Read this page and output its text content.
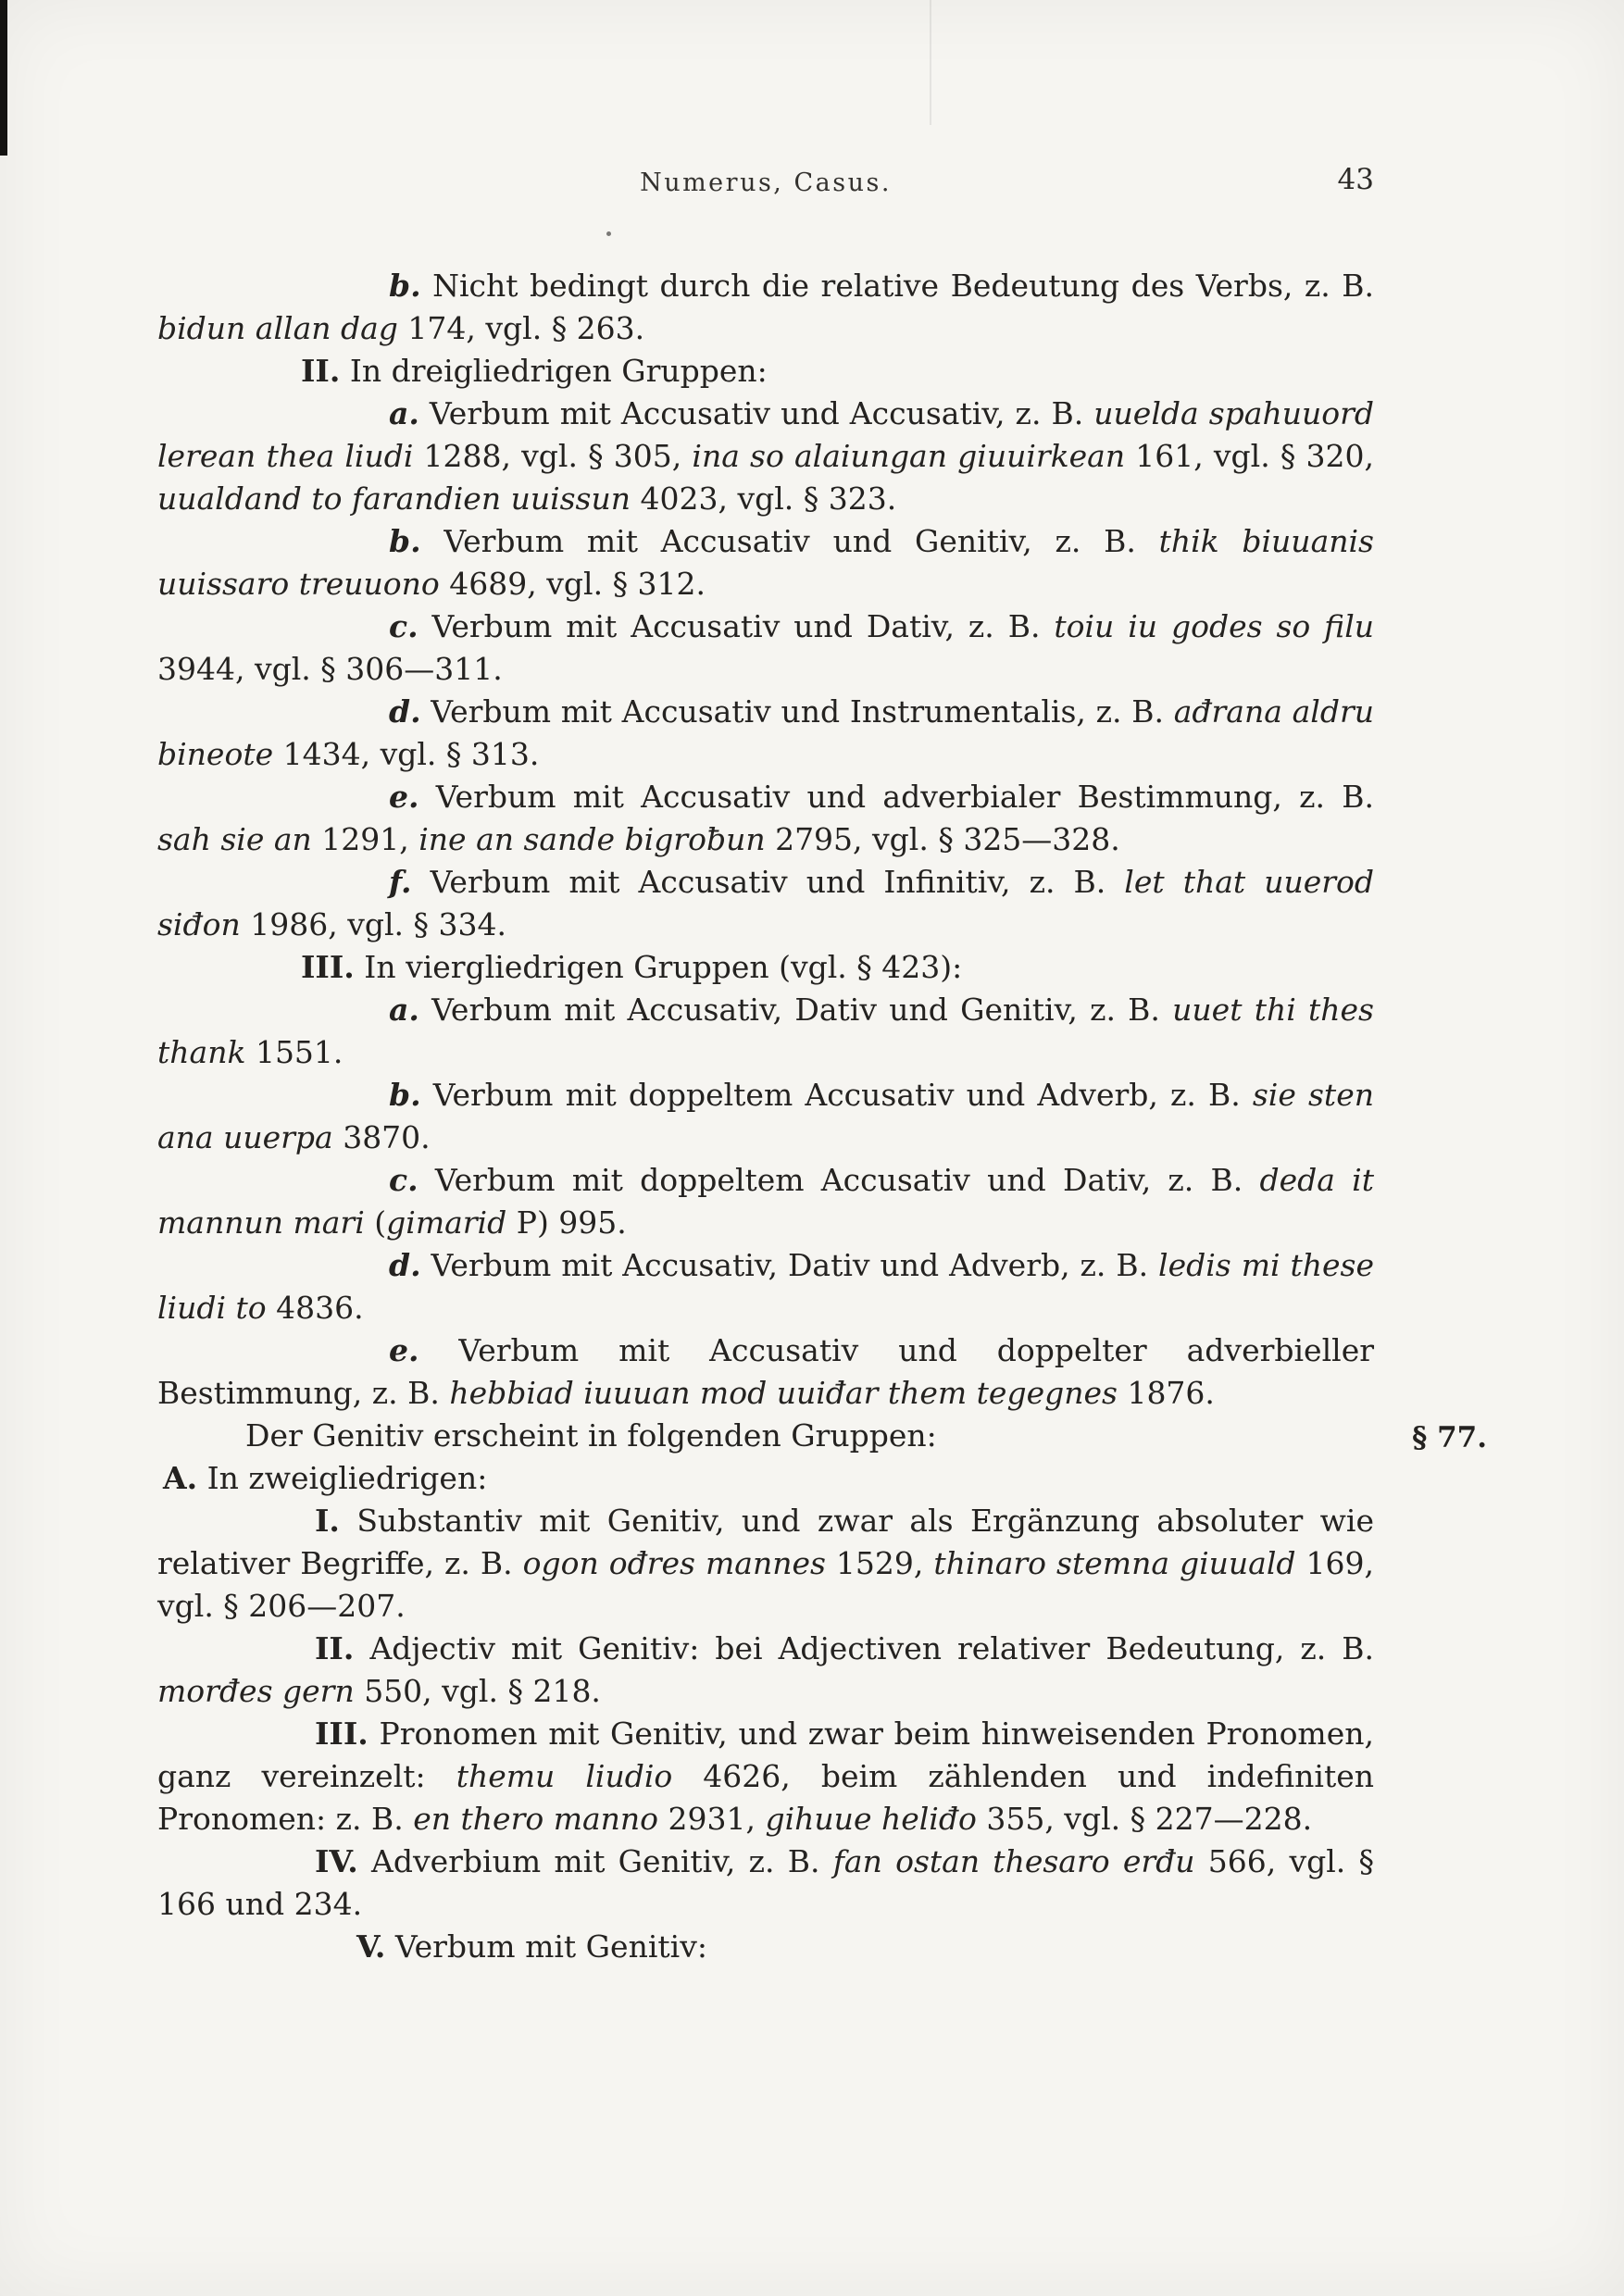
Numerus, Casus.	43

b. Nicht bedingt durch die relative Bedeutung des Verbs, z. B. bidun allan dag 174, vgl. § 263.

II. In dreigliedrigen Gruppen:

a. Verbum mit Accusativ und Accusativ, z. B. uuelda spahuuord lerean thea liudi 1288, vgl. § 305, ina so alaiungan giuuirkean 161, vgl. § 320, uualdand to farandien uuissun 4023, vgl. § 323.

b. Verbum mit Accusativ und Genitiv, z. B. thik biuuanis uuissaro treuuono 4689, vgl. § 312.

c. Verbum mit Accusativ und Dativ, z. B. toiu iu godes so filu 3944, vgl. § 306—311.

d. Verbum mit Accusativ und Instrumentalis, z. B. ađrana aldru bineote 1434, vgl. § 313.

e. Verbum mit Accusativ und adverbialer Bestimmung, z. B. sah sie an 1291, ine an sande bigroƀun 2795, vgl. § 325—328.

f. Verbum mit Accusativ und Infinitiv, z. B. let that uuerod siđon 1986, vgl. § 334.

III. In viergliedrigen Gruppen (vgl. § 423):

a. Verbum mit Accusativ, Dativ und Genitiv, z. B. uuet thi thes thank 1551.

b. Verbum mit doppeltem Accusativ und Adverb, z. B. sie sten ana uuerpa 3870.

c. Verbum mit doppeltem Accusativ und Dativ, z. B. deda it mannun mari (gimarid P) 995.

d. Verbum mit Accusativ, Dativ und Adverb, z. B. ledis mi these liudi to 4836.

e. Verbum mit Accusativ und doppelter adverbieller Bestimmung, z. B. hebbiad iuuuan mod uuiđar them tegegnes 1876.

Der Genitiv erscheint in folgenden Gruppen:	§ 77.

A. In zweigliedrigen:

I. Substantiv mit Genitiv, und zwar als Ergänzung absoluter wie relativer Begriffe, z. B. ogon ođres mannes 1529, thinaro stemna giuuald 169, vgl. § 206—207.

II. Adjectiv mit Genitiv: bei Adjectiven relativer Bedeutung, z. B. morđes gern 550, vgl. § 218.

III. Pronomen mit Genitiv, und zwar beim hinweisenden Pronomen, ganz vereinzelt: themu liudio 4626, beim zählenden und indefiniten Pronomen: z. B. en thero manno 2931, gihuue heliđo 355, vgl. § 227—228.

IV. Adverbium mit Genitiv, z. B. fan ostan thesaro erđu 566, vgl. § 166 und 234.

V. Verbum mit Genitiv:
